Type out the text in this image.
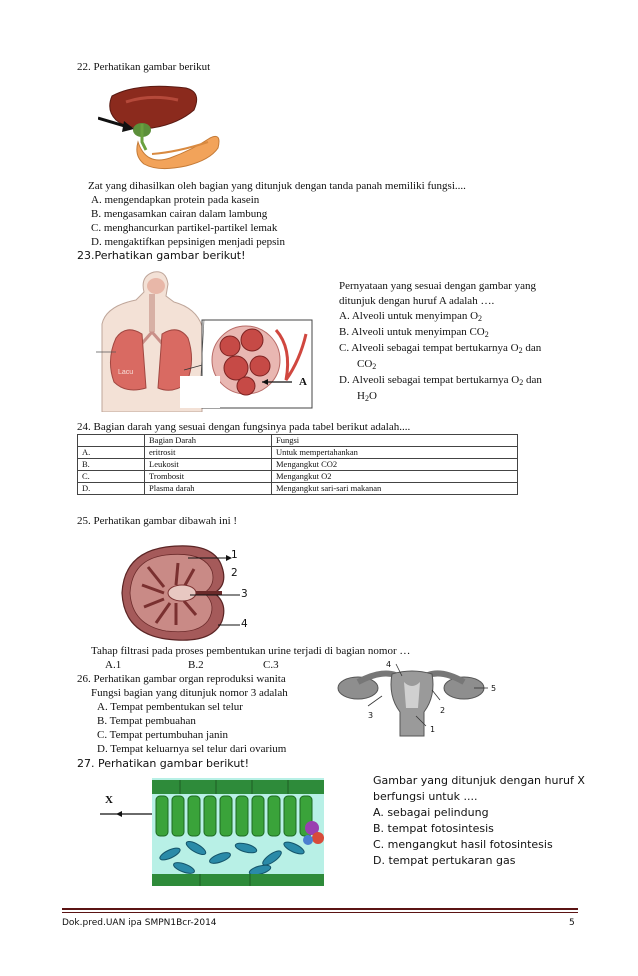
22. Perhatikan gambar berikut
Zat yang dihasilkan oleh bagian yang ditunjuk dengan tanda panah memiliki fungsi....
A. mengendapkan protein pada kasein
B. mengasamkan cairan dalam lambung
C. menghancurkan partikel-partikel lemak
D. mengaktifkan pepsinigen menjadi pepsin
23.Perhatikan gambar berikut!
Lacu
A
Pernyataan yang sesuai dengan gambar yang
ditunjuk dengan huruf A adalah ….
A. Alveoli untuk menyimpan $O_2$
B. Alveoli untuk menyimpan $CO_2$
C. Alveoli sebagai tempat bertukarnya $O_2$ dan
$CO_2$
D. Alveoli sebagai tempat bertukarnya $O_2$ dan
$H_2O$
24. Bagian darah yang sesuai dengan fungsinya pada tabel berikut adalah....
	Bagian Darah	Fungsi
A.	eritrosit	Untuk mempertahankan
B.	Leukosit	Mengangkut CO2
C.	Trombosit	Mengangkut O2
D.	Plasma darah	Mengangkut sari-sari makanan
25. Perhatikan gambar dibawah ini !
1
2
3
4
Tahap filtrasi pada proses pembentukan urine terjadi di bagian nomor …
A.1	B.2	C.3
26. Perhatikan gambar organ reproduksi wanita
Fungsi bagian yang ditunjuk nomor 3 adalah
A. Tempat pembentukan sel telur
B. Tempat pembuahan
C. Tempat pertumbuhan janin
D. Tempat keluarnya sel telur dari ovarium
4
5
3
2
1
27. Perhatikan gambar berikut!
X
Gambar yang ditunjuk dengan huruf X
berfungsi untuk ....
A. sebagai pelindung
B. tempat fotosintesis
C. mengangkut hasil fotosintesis
D. tempat pertukaran gas
Dok.pred.UAN ipa SMPN1Bcr-2014	5
